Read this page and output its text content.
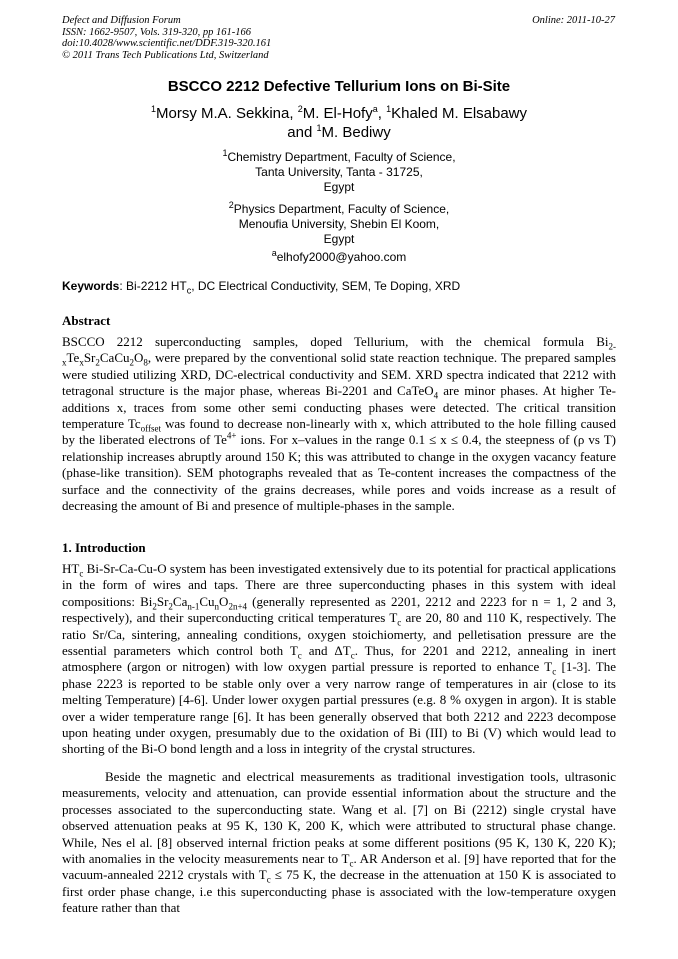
Defect and Diffusion Forum
ISSN: 1662-9507, Vols. 319-320, pp 161-166
doi:10.4028/www.scientific.net/DDF.319-320.161
© 2011 Trans Tech Publications Ltd, Switzerland
Online: 2011-10-27
BSCCO 2212 Defective Tellurium Ions on Bi-Site
$^1$Morsy M.A. Sekkina, $^2$M. El-Hofy$^a$, $^1$Khaled M. Elsabawy
and $^1$M. Bediwy
$^1$Chemistry Department, Faculty of Science,
Tanta University, Tanta - 31725,
Egypt
$^2$Physics Department, Faculty of Science,
Menoufia University, Shebin El Koom,
Egypt
$^a$elhofy2000@yahoo.com
Keywords: Bi-2212 $HT_c$, DC Electrical Conductivity, SEM, Te Doping, XRD
Abstract
BSCCO 2212 superconducting samples, doped Tellurium, with the chemical formula $Bi_{2-x}Te_xSr_2CaCu_2O_8$, were prepared by the conventional solid state reaction technique. The prepared samples were studied utilizing XRD, DC-electrical conductivity and SEM. XRD spectra indicated that 2212 with tetragonal structure is the major phase, whereas Bi-2201 and CaTeO$_4$ are minor phases. At higher Te-additions x, traces from some other semi conducting phases were detected. The critical transition temperature $Tc_{offset}$ was found to decrease non-linearly with x, which attributed to the hole filling caused by the liberated electrons of $Te^{4+}$ ions. For x–values in the range 0.1 ≤ x ≤ 0.4, the steepness of (ρ vs T) relationship increases abruptly around 150 K; this was attributed to change in the oxygen vacancy feature (phase-like transition). SEM photographs revealed that as Te-content increases the compactness of the surface and the connectivity of the grains decreases, while pores and voids increase as a result of decreasing the amount of Bi and presence of multiple-phases in the sample.
1. Introduction
$HT_c$ Bi-Sr-Ca-Cu-O system has been investigated extensively due to its potential for practical applications in the form of wires and taps. There are three superconducting phases in this system with ideal compositions: $Bi_2Sr_2Ca_{n-1}Cu_nO_{2n+4}$ (generally represented as 2201, 2212 and 2223 for n = 1, 2 and 3, respectively), and their superconducting critical temperatures $T_c$ are 20, 80 and 110 K, respectively. The ratio Sr/Ca, sintering, annealing conditions, oxygen stoichiomerty, and pelletisation pressure are the essential parameters which control both $T_c$ and $\Delta T_c$. Thus, for 2201 and 2212, annealing in inert atmosphere (argon or nitrogen) with low oxygen partial pressure is reported to enhance $T_c$ [1-3]. The phase 2223 is reported to be stable only over a very narrow range of temperatures in air (close to its melting Temperature) [4-6]. Under lower oxygen partial pressures (e.g. 8 % oxygen in argon). It is stable over a wider temperature range [6]. It has been generally observed that both 2212 and 2223 decompose upon heating under oxygen, presumably due to the oxidation of Bi (III) to Bi (V) which would lead to shorting of the Bi-O bond length and a loss in integrity of the crystal structures.
Beside the magnetic and electrical measurements as traditional investigation tools, ultrasonic measurements, velocity and attenuation, can provide essential information about the structure and the processes associated to the superconducting state. Wang et al. [7] on Bi (2212) single crystal have observed attenuation peaks at 95 K, 130 K, 200 K, which were attributed to structural phase change. While, Nes el al. [8] observed internal friction peaks at some different positions (95 K, 130 K, 220 K); with anomalies in the velocity measurements near to $T_c$. AR Anderson et al. [9] have reported that for the vacuum-annealed 2212 crystals with $T_c \le 75$ K, the decrease in the attenuation at 150 K is associated to first order phase change, i.e this superconducting phase is associated with the low-temperature oxygen feature rather than that
